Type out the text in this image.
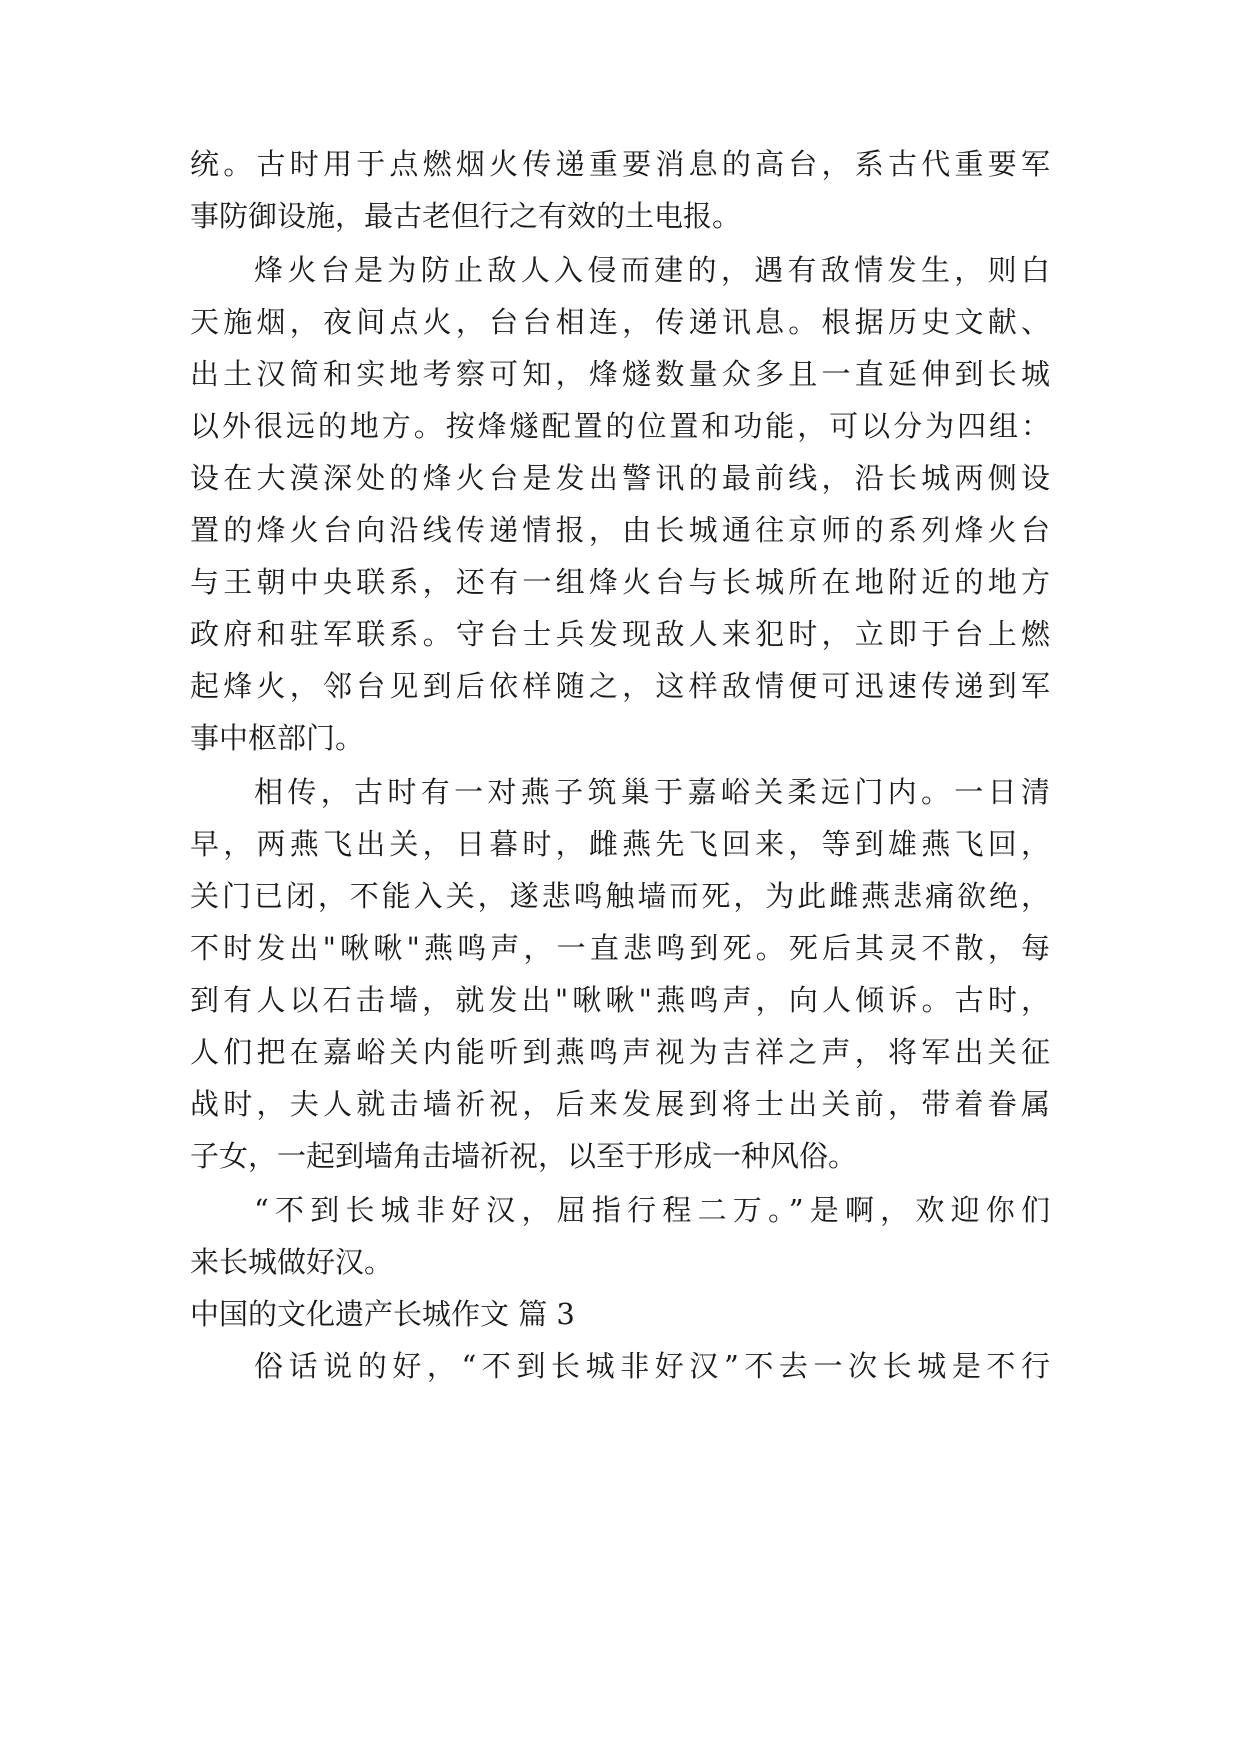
统。古时用于点燃烟火传递重要消息的高台，系古代重要军
事防御设施，最古老但行之有效的土电报。
烽火台是为防止敌人入侵而建的，遇有敌情发生，则白
天施烟，夜间点火，台台相连，传递讯息。根据历史文献、
出土汉简和实地考察可知，烽燧数量众多且一直延伸到长城
以外很远的地方。按烽燧配置的位置和功能，可以分为四组：
设在大漠深处的烽火台是发出警讯的最前线，沿长城两侧设
置的烽火台向沿线传递情报，由长城通往京师的系列烽火台
与王朝中央联系，还有一组烽火台与长城所在地附近的地方
政府和驻军联系。守台士兵发现敌人来犯时，立即于台上燃
起烽火，邻台见到后依样随之，这样敌情便可迅速传递到军
事中枢部门。
相传，古时有一对燕子筑巢于嘉峪关柔远门内。一日清
早，两燕飞出关，日暮时，雌燕先飞回来，等到雄燕飞回，
关门已闭，不能入关，遂悲鸣触墙而死，为此雌燕悲痛欲绝，
不时发出"啾啾"燕鸣声，一直悲鸣到死。死后其灵不散，每
到有人以石击墙，就发出"啾啾"燕鸣声，向人倾诉。古时，
人们把在嘉峪关内能听到燕鸣声视为吉祥之声，将军出关征
战时，夫人就击墙祈祝，后来发展到将士出关前，带着眷属
子女，一起到墙角击墙祈祝，以至于形成一种风俗。
“不到长城非好汉，屈指行程二万。”是啊，欢迎你们
来长城做好汉。
中国的文化遗产长城作文 篇 3
俗话说的好，“不到长城非好汉”不去一次长城是不行
